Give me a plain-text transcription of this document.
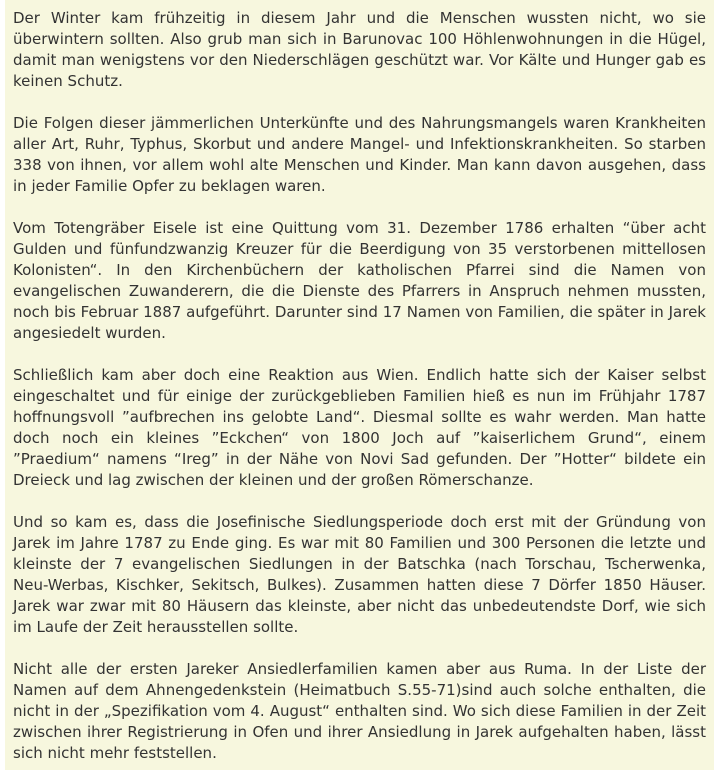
Der Winter kam frühzeitig in diesem Jahr und die Menschen wussten nicht, wo sie überwintern sollten. Also grub man sich in Barunovac 100 Höhlenwohnungen in die Hügel, damit man wenigstens vor den Niederschlägen geschützt war. Vor Kälte und Hunger gab es keinen Schutz.

Die Folgen dieser jämmerlichen Unterkünfte und des Nahrungsmangels waren Krankheiten aller Art, Ruhr, Typhus, Skorbut und andere Mangel- und Infektionskrankheiten. So starben 338 von ihnen, vor allem wohl alte Menschen und Kinder. Man kann davon ausgehen, dass in jeder Familie Opfer zu beklagen waren.

Vom Totengräber Eisele ist eine Quittung vom 31. Dezember 1786 erhalten “über acht Gulden und fünfundzwanzig Kreuzer für die Beerdigung von 35 verstorbenen mittellosen Kolonisten“. In den Kirchenbüchern der katholischen Pfarrei sind die Namen von evangelischen Zuwanderern, die die Dienste des Pfarrers in Anspruch nehmen mussten, noch bis Februar 1887 aufgeführt. Darunter sind 17 Namen von Familien, die später in Jarek angesiedelt wurden.

Schließlich kam aber doch eine Reaktion aus Wien. Endlich hatte sich der Kaiser selbst eingeschaltet und für einige der zurückgeblieben Familien hieß es nun im Frühjahr 1787 hoffnungsvoll ”aufbrechen ins gelobte Land“. Diesmal sollte es wahr werden. Man hatte doch noch ein kleines ”Eckchen“ von 1800 Joch auf ”kaiserlichem Grund“, einem ”Praedium“ namens “Ireg” in der Nähe von Novi Sad gefunden. Der ”Hotter“ bildete ein Dreieck und lag zwischen der kleinen und der großen Römerschanze.

Und so kam es, dass die Josefinische Siedlungsperiode doch erst mit der Gründung von Jarek im Jahre 1787 zu Ende ging. Es war mit 80 Familien und 300 Personen die letzte und kleinste der 7 evangelischen Siedlungen in der Batschka (nach Torschau, Tscherwenka, Neu-Werbas, Kischker, Sekitsch, Bulkes). Zusammen hatten diese 7 Dörfer 1850 Häuser. Jarek war zwar mit 80 Häusern das kleinste, aber nicht das unbedeutendste Dorf, wie sich im Laufe der Zeit herausstellen sollte.

Nicht alle der ersten Jareker Ansiedlerfamilien kamen aber aus Ruma. In der Liste der Namen auf dem Ahnengedenkstein (Heimatbuch S.55-71)sind auch solche enthalten, die nicht in der „Spezifikation vom 4. August“ enthalten sind. Wo sich diese Familien in der Zeit zwischen ihrer Registrierung in Ofen und ihrer Ansiedlung in Jarek aufgehalten haben, lässt sich nicht mehr feststellen.
